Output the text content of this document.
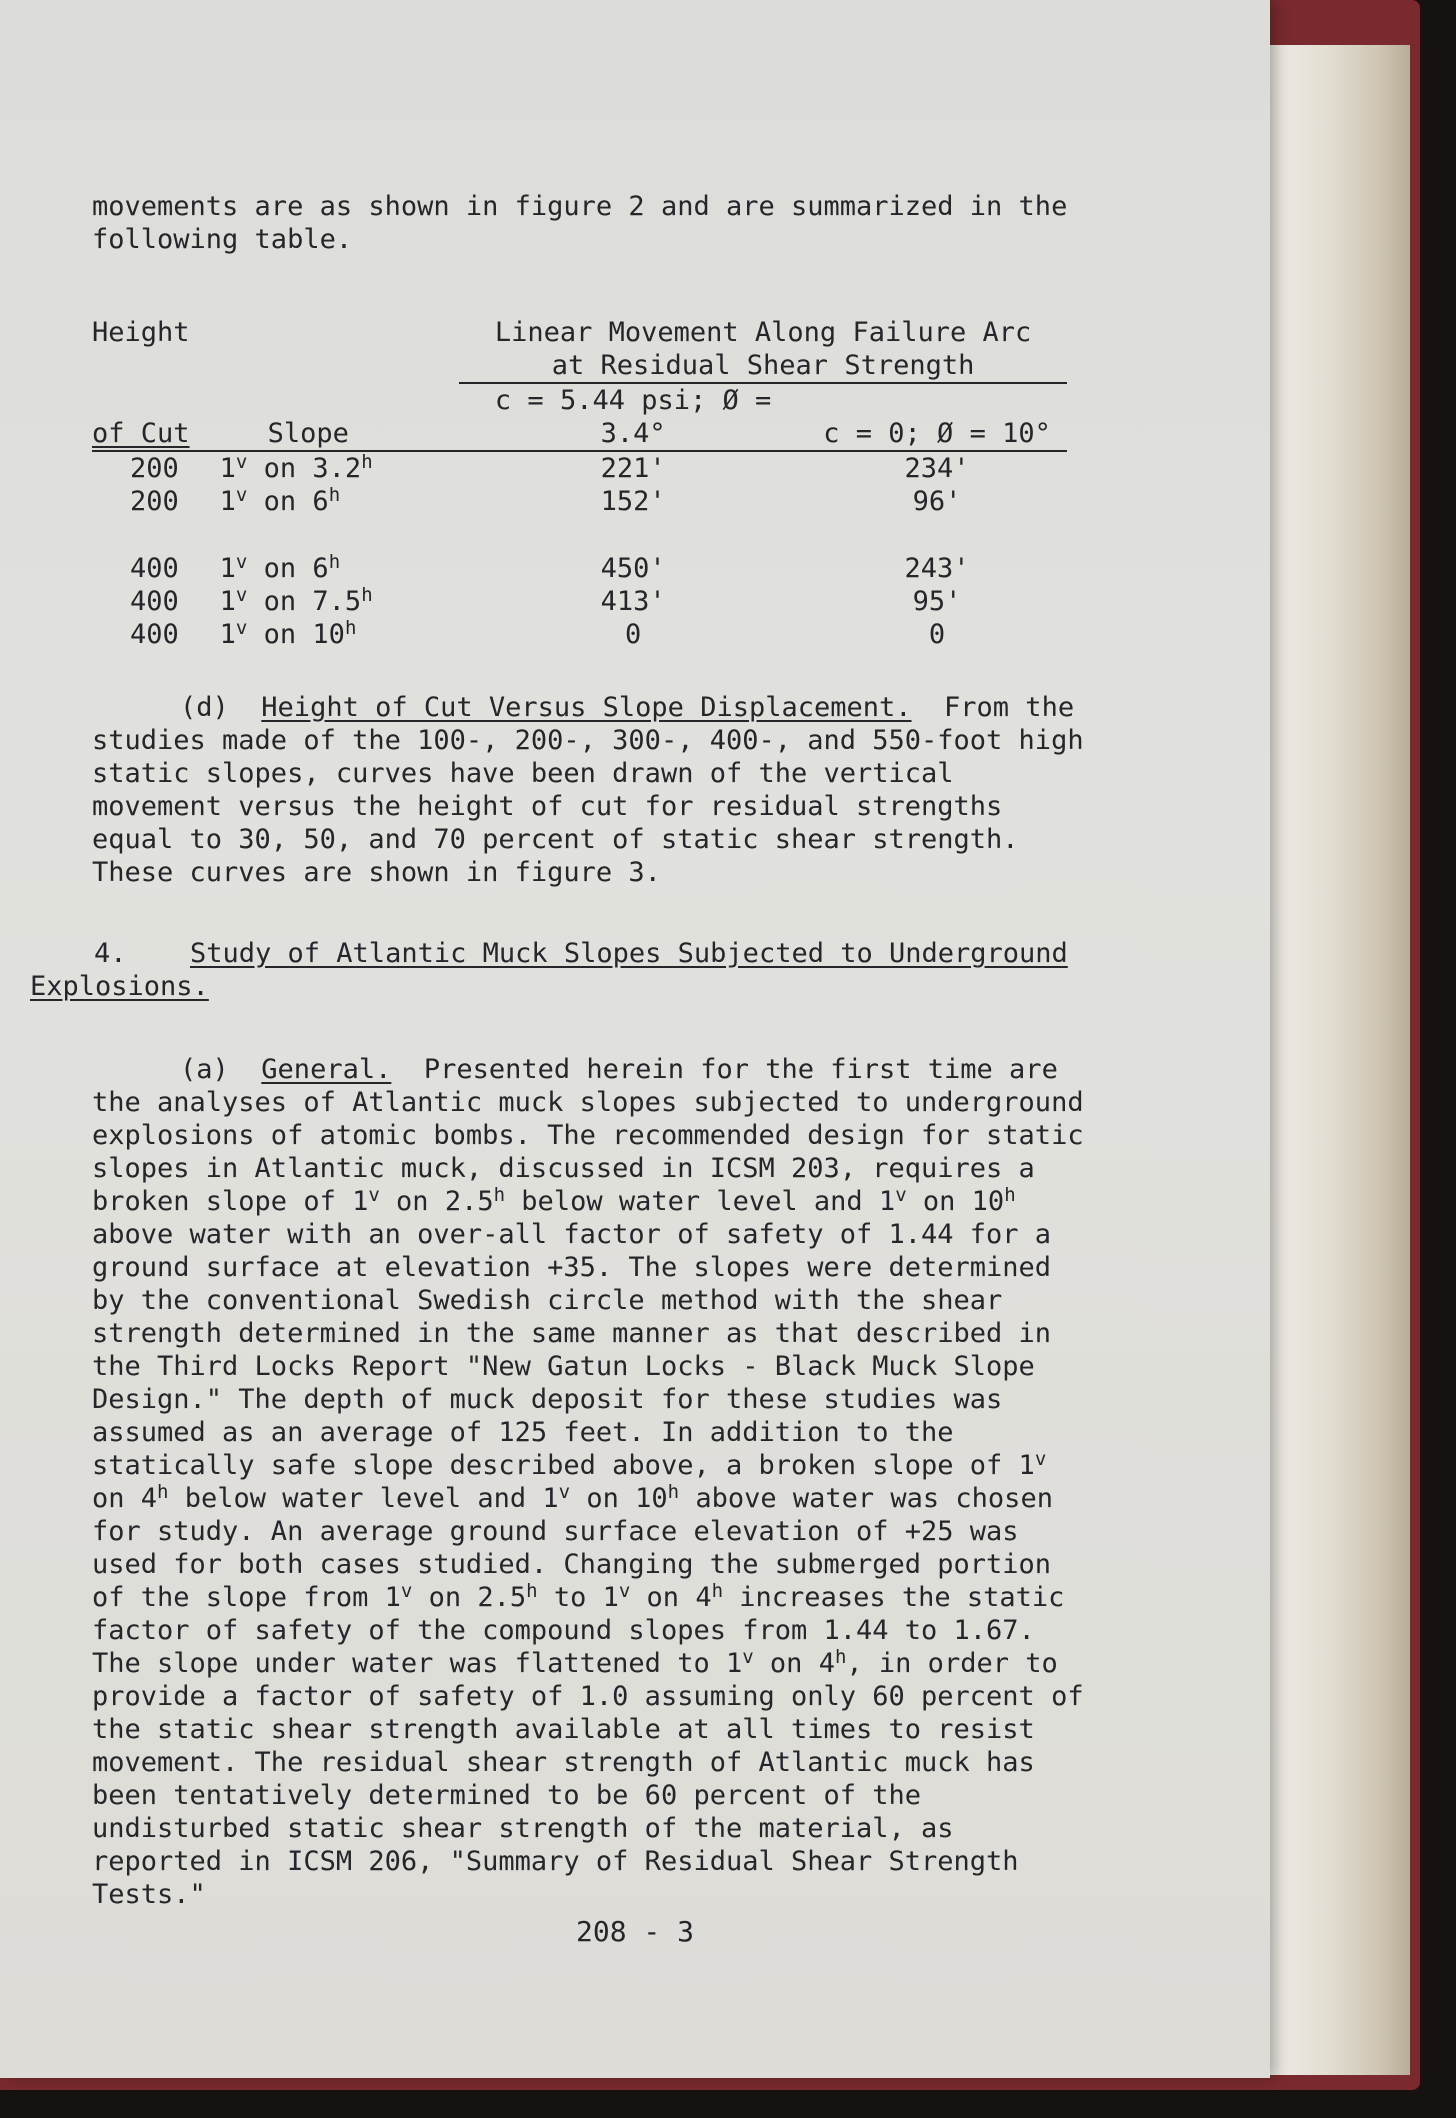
movements are as shown in figure 2 and are summarized in the following table.

Height		Linear Movement Along Failure Arc	
		at Residual Shear Strength	
of Cut	Slope	c = 5.44 psi; Ø = 3.4°	c = 0; Ø = 10°
200	1$^v$ on 3.2$^h$	221'	234'
200	1$^v$ on 6$^h$	152'	96'

400	1$^v$ on 6$^h$	450'	243'
400	1$^v$ on 7.5$^h$	413'	95'
400	1$^v$ on 10$^h$	0	0

(d) Height of Cut Versus Slope Displacement. From the studies made of the 100-, 200-, 300-, 400-, and 550-foot high static slopes, curves have been drawn of the vertical movement versus the height of cut for residual strengths equal to 30, 50, and 70 percent of static shear strength. These curves are shown in figure 3.

4. Study of Atlantic Muck Slopes Subjected to Underground Explosions.

(a) General. Presented herein for the first time are the analyses of Atlantic muck slopes subjected to underground explosions of atomic bombs. The recommended design for static slopes in Atlantic muck, discussed in ICSM 203, requires a broken slope of 1$^v$ on 2.5$^h$ below water level and 1$^v$ on 10$^h$ above water with an over-all factor of safety of 1.44 for a ground surface at elevation +35. The slopes were determined by the conventional Swedish circle method with the shear strength determined in the same manner as that described in the Third Locks Report "New Gatun Locks - Black Muck Slope Design." The depth of muck deposit for these studies was assumed as an average of 125 feet. In addition to the statically safe slope described above, a broken slope of 1$^v$ on 4$^h$ below water level and 1$^v$ on 10$^h$ above water was chosen for study. An average ground surface elevation of +25 was used for both cases studied. Changing the submerged portion of the slope from 1$^v$ on 2.5$^h$ to 1$^v$ on 4$^h$ increases the static factor of safety of the compound slopes from 1.44 to 1.67. The slope under water was flattened to 1$^v$ on 4$^h$, in order to provide a factor of safety of 1.0 assuming only 60 percent of the static shear strength available at all times to resist movement. The residual shear strength of Atlantic muck has been tentatively determined to be 60 percent of the undisturbed static shear strength of the material, as reported in ICSM 206, "Summary of Residual Shear Strength Tests."

208 - 3
